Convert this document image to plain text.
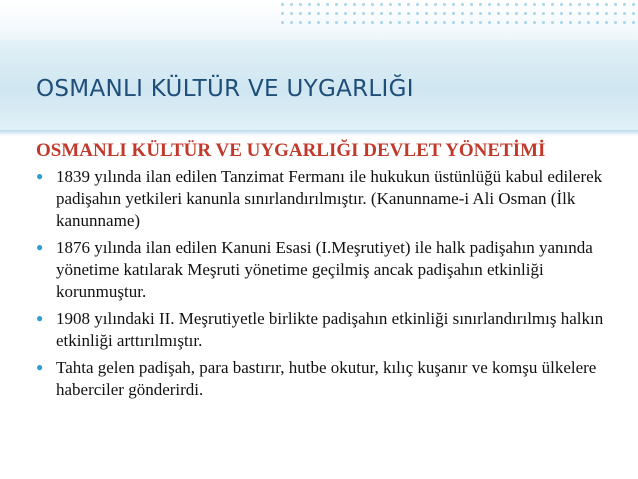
OSMANLI KÜLTÜR VE UYGARLIĞI
OSMANLI KÜLTÜR VE UYGARLIĞI DEVLET YÖNETİMİ
● 1839 yılında ilan edilen Tanzimat Fermanı ile hukukun üstünlüğü kabul edilerek padişahın yetkileri kanunla sınırlandırılmıştır. (Kanunname-i Ali Osman (İlk kanunname)
● 1876 yılında ilan edilen Kanuni Esasi (I.Meşrutiyet) ile halk padişahın yanında yönetime katılarak Meşruti yönetime geçilmiş ancak padişahın etkinliği korunmuştur.
● 1908 yılındaki II. Meşrutiyetle birlikte padişahın etkinliği sınırlandırılmış halkın etkinliği arttırılmıştır.
● Tahta gelen padişah, para bastırır, hutbe okutur, kılıç kuşanır ve komşu ülkelere haberciler gönderirdi.
